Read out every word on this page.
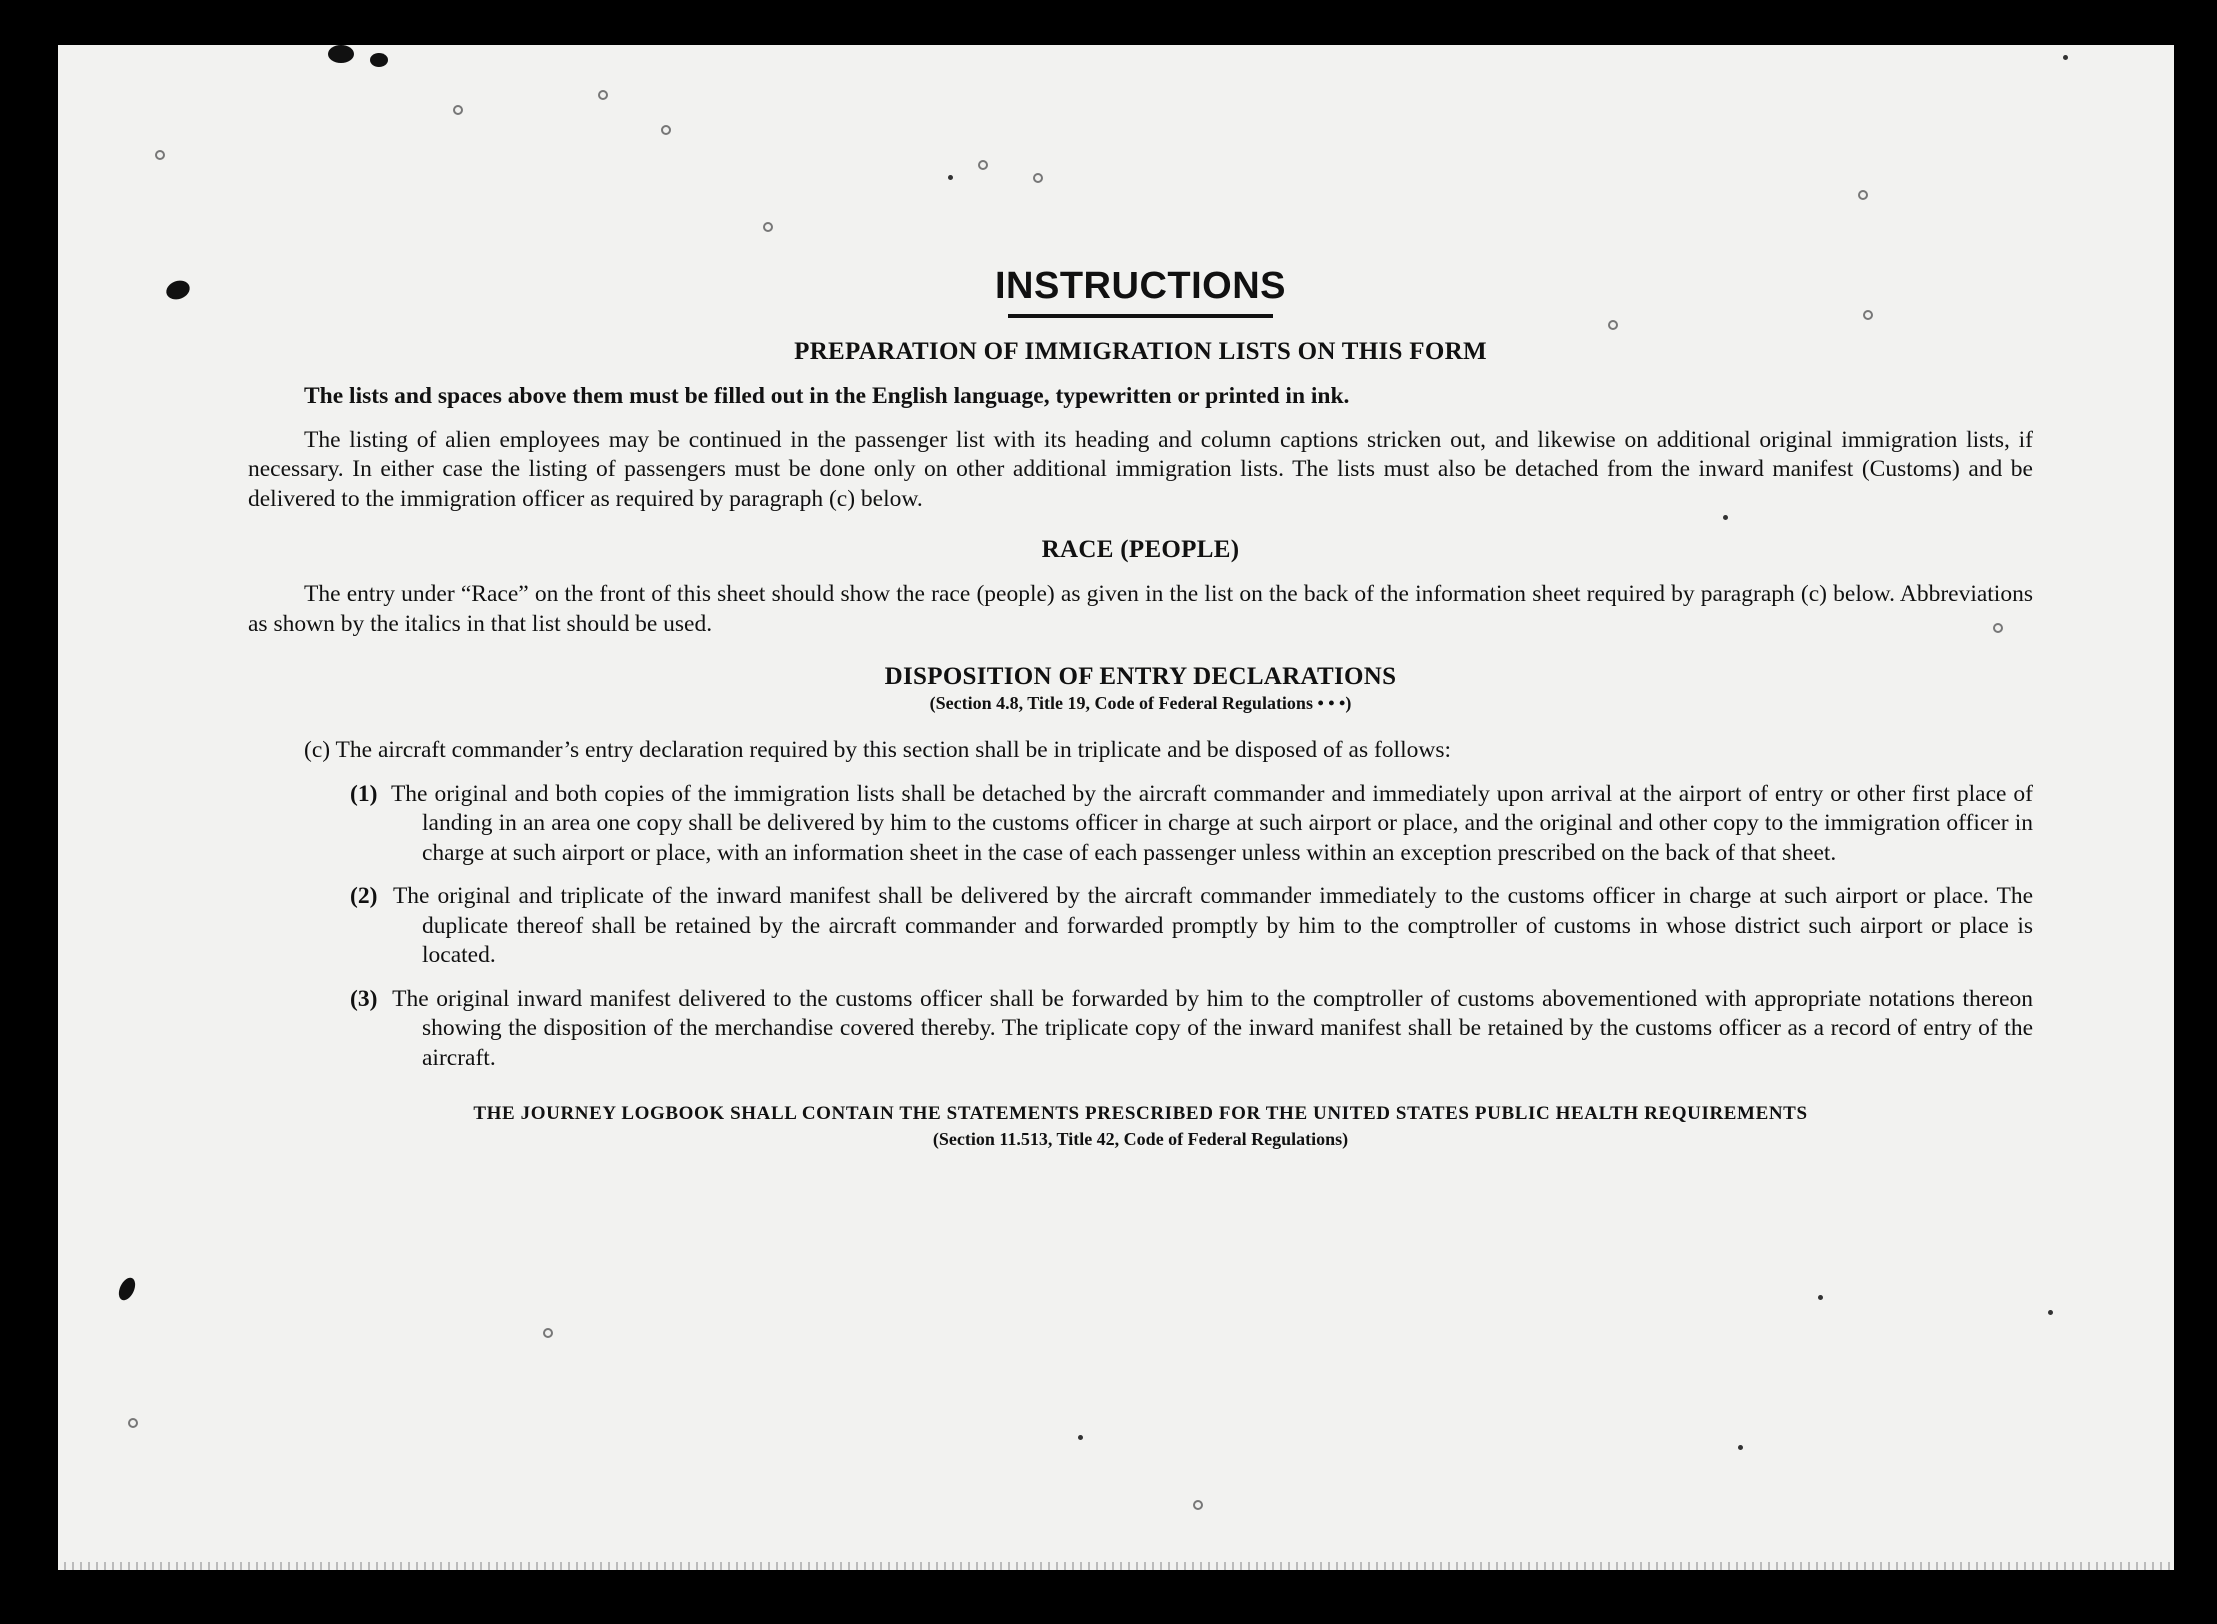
INSTRUCTIONS
PREPARATION OF IMMIGRATION LISTS ON THIS FORM

The lists and spaces above them must be filled out in the English language, typewritten or printed in ink.

The listing of alien employees may be continued in the passenger list with its heading and column captions stricken out, and likewise on additional original immigration lists, if necessary. In either case the listing of passengers must be done only on other additional immigration lists. The lists must also be detached from the inward manifest (Customs) and be delivered to the immigration officer as required by paragraph (c) below.

RACE (PEOPLE)

The entry under “Race” on the front of this sheet should show the race (people) as given in the list on the back of the information sheet required by paragraph (c) below. Abbreviations as shown by the italics in that list should be used.

DISPOSITION OF ENTRY DECLARATIONS
(Section 4.8, Title 19, Code of Federal Regulations • • •)

(c) The aircraft commander’s entry declaration required by this section shall be in triplicate and be disposed of as follows:

(1) The original and both copies of the immigration lists shall be detached by the aircraft commander and immediately upon arrival at the airport of entry or other first place of landing in an area one copy shall be delivered by him to the customs officer in charge at such airport or place, and the original and other copy to the immigration officer in charge at such airport or place, with an information sheet in the case of each passenger unless within an exception prescribed on the back of that sheet.

(2) The original and triplicate of the inward manifest shall be delivered by the aircraft commander immediately to the customs officer in charge at such airport or place. The duplicate thereof shall be retained by the aircraft commander and forwarded promptly by him to the comptroller of customs in whose district such airport or place is located.

(3) The original inward manifest delivered to the customs officer shall be forwarded by him to the comptroller of customs abovementioned with appropriate notations thereon showing the disposition of the merchandise covered thereby. The triplicate copy of the inward manifest shall be retained by the customs officer as a record of entry of the aircraft.

THE JOURNEY LOGBOOK SHALL CONTAIN THE STATEMENTS PRESCRIBED FOR THE UNITED STATES PUBLIC HEALTH REQUIREMENTS
(Section 11.513, Title 42, Code of Federal Regulations)
